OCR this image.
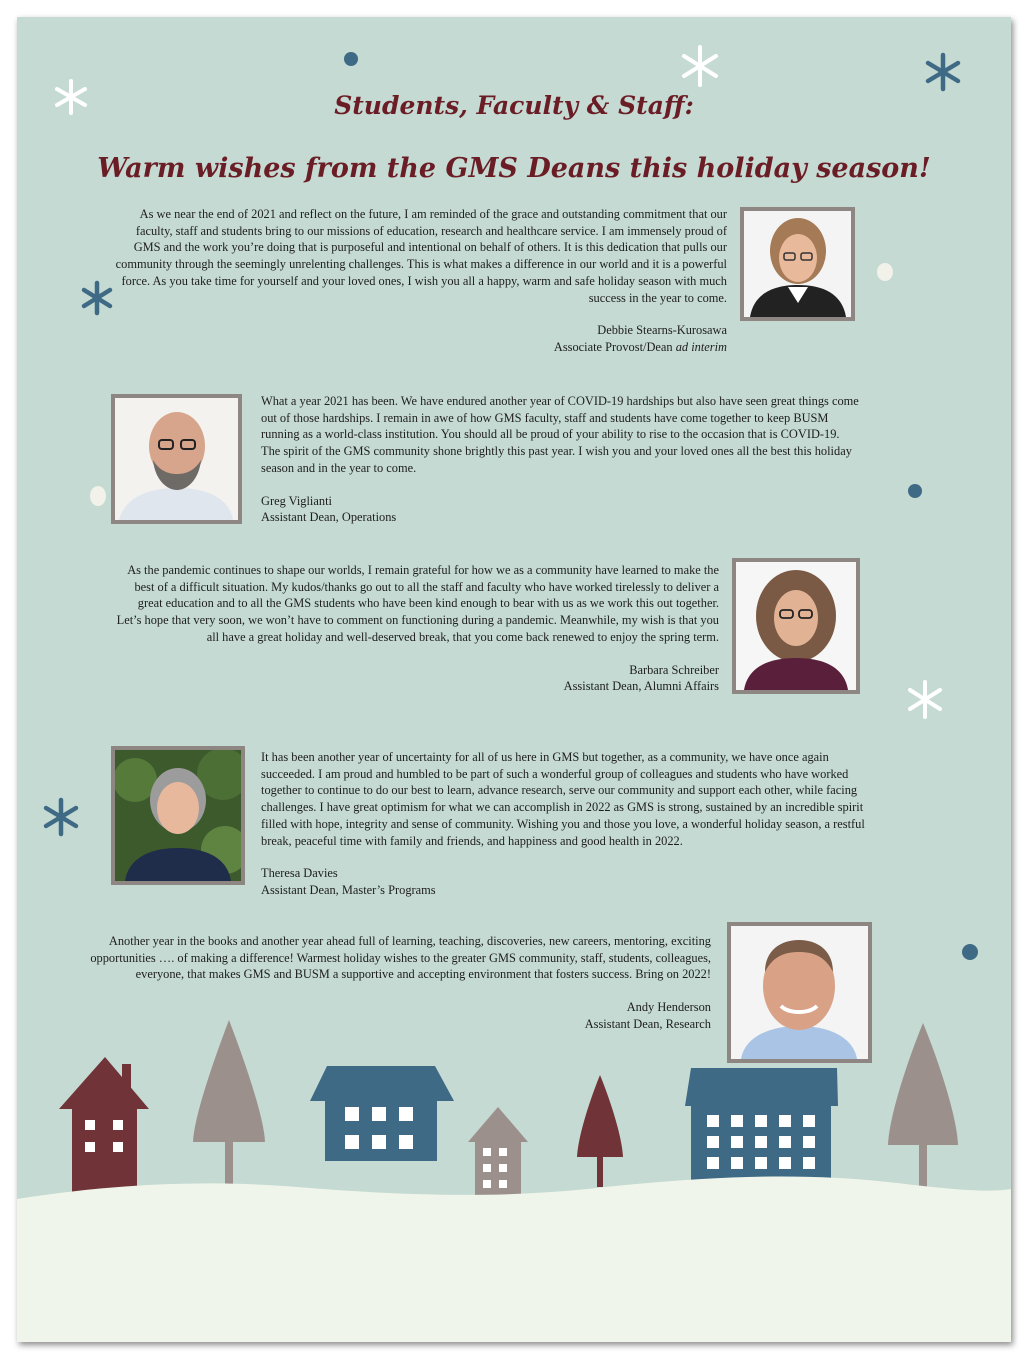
Students, Faculty & Staff:
Warm wishes from the GMS Deans this holiday season!

As we near the end of 2021 and reflect on the future, I am reminded of the grace and outstanding commitment that our faculty, staff and students bring to our missions of education, research and healthcare service. I am immensely proud of GMS and the work you’re doing that is purposeful and intentional on behalf of others. It is this dedication that pulls our community through the seemingly unrelenting challenges. This is what makes a difference in our world and it is a powerful force. As you take time for yourself and your loved ones, I wish you all a happy, warm and safe holiday season with much success in the year to come.

Debbie Stearns-Kurosawa

Associate Provost/Dean ad interim

What a year 2021 has been. We have endured another year of COVID-19 hardships but also have seen great things come out of those hardships. I remain in awe of how GMS faculty, staff and students have come together to keep BUSM running as a world-class institution. You should all be proud of your ability to rise to the occasion that is COVID-19. The spirit of the GMS community shone brightly this past year. I wish you and your loved ones all the best this holiday season and in the year to come.

Greg Viglianti

Assistant Dean, Operations

As the pandemic continues to shape our worlds, I remain grateful for how we as a community have learned to make the best of a difficult situation. My kudos/thanks go out to all the staff and faculty who have worked tirelessly to deliver a great education and to all the GMS students who have been kind enough to bear with us as we work this out together. Let’s hope that very soon, we won’t have to comment on functioning during a pandemic. Meanwhile, my wish is that you all have a great holiday and well-deserved break, that you come back renewed to enjoy the spring term.

Barbara Schreiber

Assistant Dean, Alumni Affairs

It has been another year of uncertainty for all of us here in GMS but together, as a community, we have once again succeeded. I am proud and humbled to be part of such a wonderful group of colleagues and students who have worked together to continue to do our best to learn, advance research, serve our community and support each other, while facing challenges. I have great optimism for what we can accomplish in 2022 as GMS is strong, sustained by an incredible spirit filled with hope, integrity and sense of community. Wishing you and those you love, a wonderful holiday season, a restful break, peaceful time with family and friends, and happiness and good health in 2022.

Theresa Davies

Assistant Dean, Master’s Programs

Another year in the books and another year ahead full of learning, teaching, discoveries, new careers, mentoring, exciting opportunities …. of making a difference! Warmest holiday wishes to the greater GMS community, staff, students, colleagues, everyone, that makes GMS and BUSM a supportive and accepting environment that fosters success. Bring on 2022!

Andy Henderson

Assistant Dean, Research
